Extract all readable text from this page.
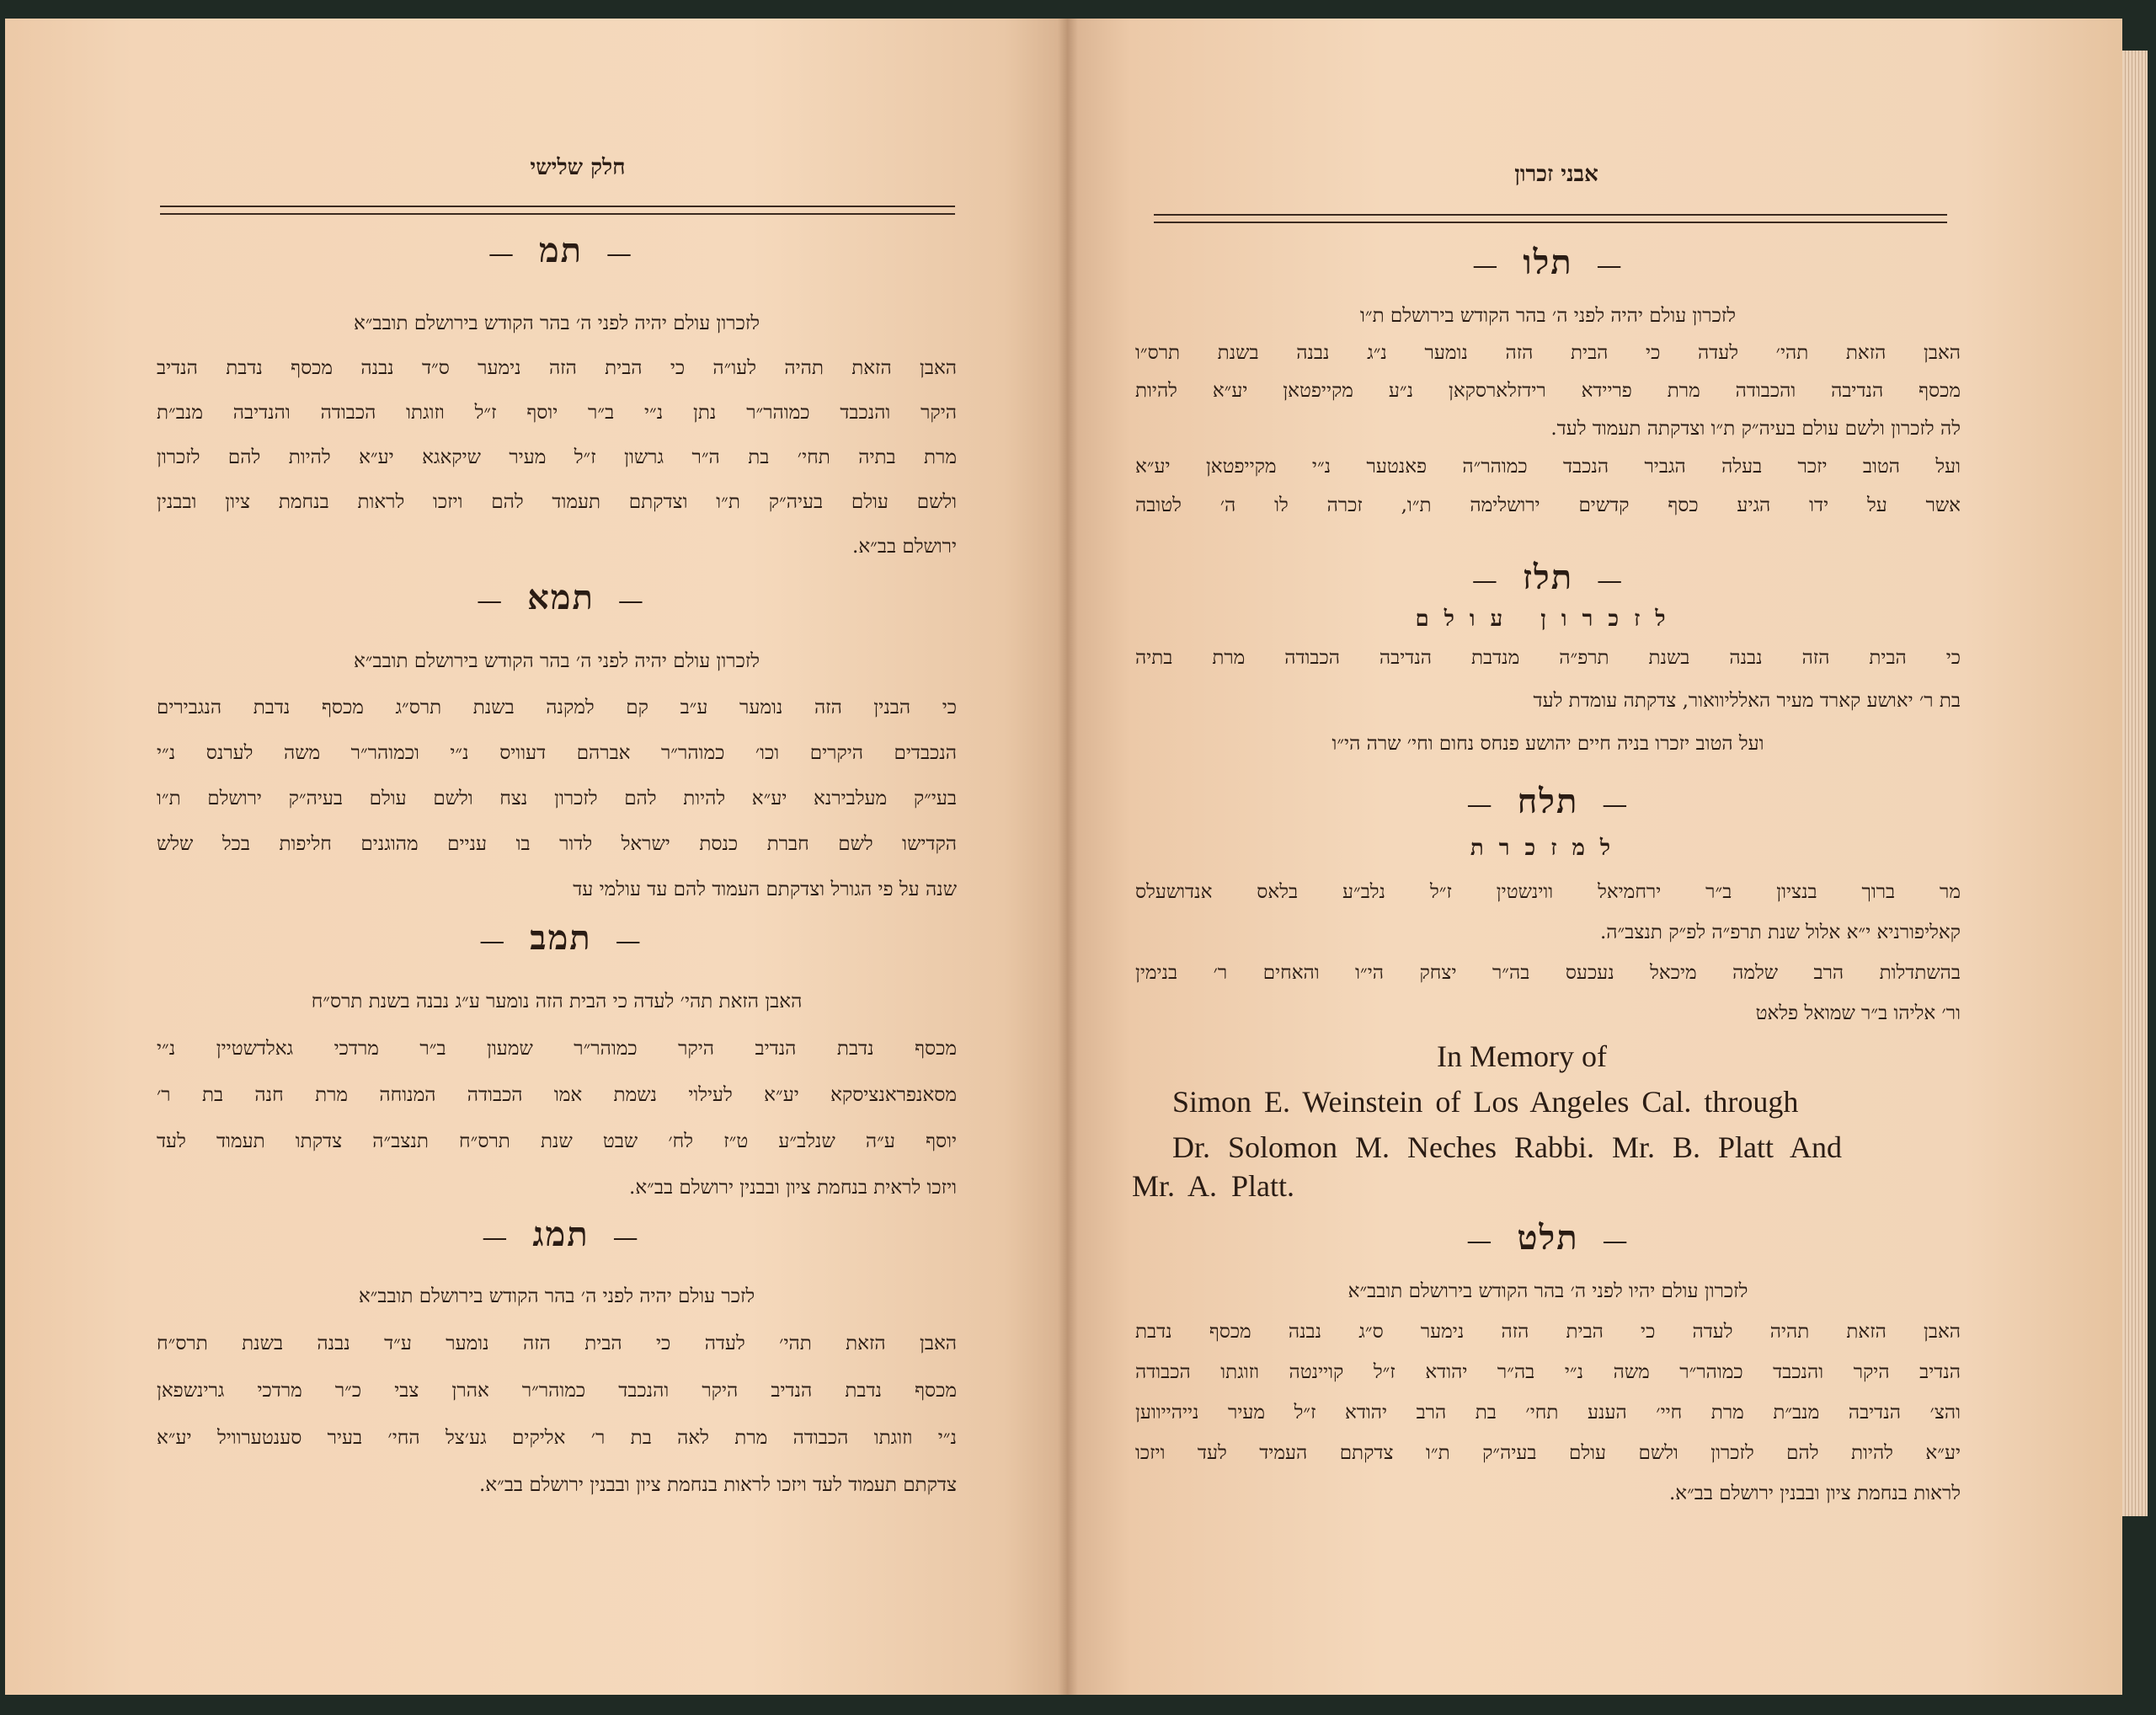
חלק שלישי
—תמ—
לזכרון עולם יהיה לפני ה׳ בהר הקודש בירושלם תובב״א
האבן הזאת תהיה לעו״ה כי הבית הזה נימער ס״ד נבנה מכסף נדבת הנדיב
היקר והנכבד כמוהר״ר נתן נ״י ב״ר יוסף ז״ל וזוגתו הכבודה והנדיבה מנב״ת
מרת בתיה תחי׳ בת ה״ר גרשון ז״ל מעיר שיקאגא יע״א להיות להם לזכרון
ולשם עולם בעיה״ק ת״ו וצדקתם תעמוד להם ויזכו לראות בנחמת ציון ובבנין
ירושלם בב״א.
—תמא—
לזכרון עולם יהיה לפני ה׳ בהר הקודש בירושלם תובב״א
כי הבנין הזה נומער ע״ב קם למקנה בשנת תרס״ג מכסף נדבת הנגבירים
הנכבדים היקרים וכו׳ כמוהר״ר אברהם דעוויס נ״י וכמוהר״ר משה לערנס נ״י
בעי״ק מעלבירנא יע״א להיות להם לזכרון נצח ולשם עולם בעיה״ק ירושלם ת״ו
הקדישו לשם חברת כנסת ישראל לדור בו עניים מהוגנים חליפות בכל שלש
שנה על פי הגורל וצדקתם העמוד להם עד עולמי עד
—תמב—
האבן הזאת תהי׳ לעדה כי הבית הזה נומער ע״ג נבנה בשנת תרס״ח
מכסף נדבת הנדיב היקר כמוהר״ר שמעון ב״ר מרדכי גאלדשטיין נ״י
מסאנפראנציסקא יע״א לעילוי נשמת אמו הכבודה המנוחה מרת חנה בת ר׳
יוסף ע״ה שנלב״ע ט״ז לח׳ שבט שנת תרס״ח תנצב״ה צדקתו תעמוד לעד
ויזכו לראית בנחמת ציון ובבנין ירושלם בב״א.
—תמג—
לזכר עולם יהיה לפני ה׳ בהר הקודש בירושלם תובב״א
האבן הזאת תהי׳ לעדה כי הבית הזה נומער ע״ד נבנה בשנת תרס״ח
מכסף נדבת הנדיב היקר והנכבד כמוהר״ר אהרן צבי כ״ר מרדכי גרינשפאן
נ״י וזוגתו הכבודה מרת לאה בת ר׳ אליקים גע׳צל החי׳ בעיר סענטערוויל יע״א
צדקתם תעמוד לעד ויזכו לראות בנחמת ציון ובבנין ירושלם בב״א.
אבני זכרון
—תלו—
לזכרון עולם יהיה לפני ה׳ בהר הקודש בירושלם ת״ו
האבן הזאת תהי׳ לעדה כי הבית הזה נומער נ״ג נבנה בשנת תרס״ו
מכסף הנדיבה והכבודה מרת פריידא רידזלארסקאן נ״ע מקייפטאן יע״א להיות
לה לזכרון ולשם עולם בעיה״ק ת״ו וצדקתה תעמוד לעד.
ועל הטוב יזכר בעלה הגביר הנכבד כמוהר״ה פאנטער נ״י מקייפטאן יע״א
אשר על ידו הגיע כסף קדשים ירושלימה ת״ו, זכרה לו ה׳ לטובה
—תלז—
לזכרון עולם
כי הבית הזה נבנה בשנת תרפ״ה מנדבת הנדיבה הכבודה מרת בתיה
בת ר׳ יאושע קארד מעיר האלליוואור, צדקתה עומדת לעד
ועל הטוב יזכרו בניה חיים יהושע פנחס נחום וחי׳ שרה הי״ו
—תלח—
למזכרת
מר ברוך בנציון ב״ר ירחמיאל ווינשטין ז״ל נלב״ע בלאס אנדושעלס
קאליפורניא י״א אלול שנת תרפ״ה לפ״ק תנצב״ה.
בהשתדלות הרב שלמה מיכאל נעכעס בה״ר יצחק הי״ו והאחים ר׳ בנימין
ור׳ אליהו ב״ר שמואל פלאט
In Memory of
Simon E. Weinstein of Los Angeles Cal. through
Dr. Solomon M. Neches Rabbi. Mr. B. Platt And
Mr. A. Platt.
—תלט—
לזכרון עולם יהיו לפני ה׳ בהר הקודש בירושלם תובב״א
האבן הזאת תהיה לעדה כי הבית הזה נימער ס״ג נבנה מכסף נדבת
הנדיב היקר והנכבד כמוהר״ר משה נ״י בה״ר יהודא ז״ל קויינטה וזוגתו הכבודה
והצ׳ הנדיבה מנב״ת מרת חיי׳ הענע תחי׳ בת הרב יהודא ז״ל מעיר נייהייווען
יע״א להיות להם לזכרון ולשם עולם בעיה״ק ת״ו צדקתם העמיד לעד ויזכו
לראות בנחמת ציון ובבנין ירושלם בב״א.
